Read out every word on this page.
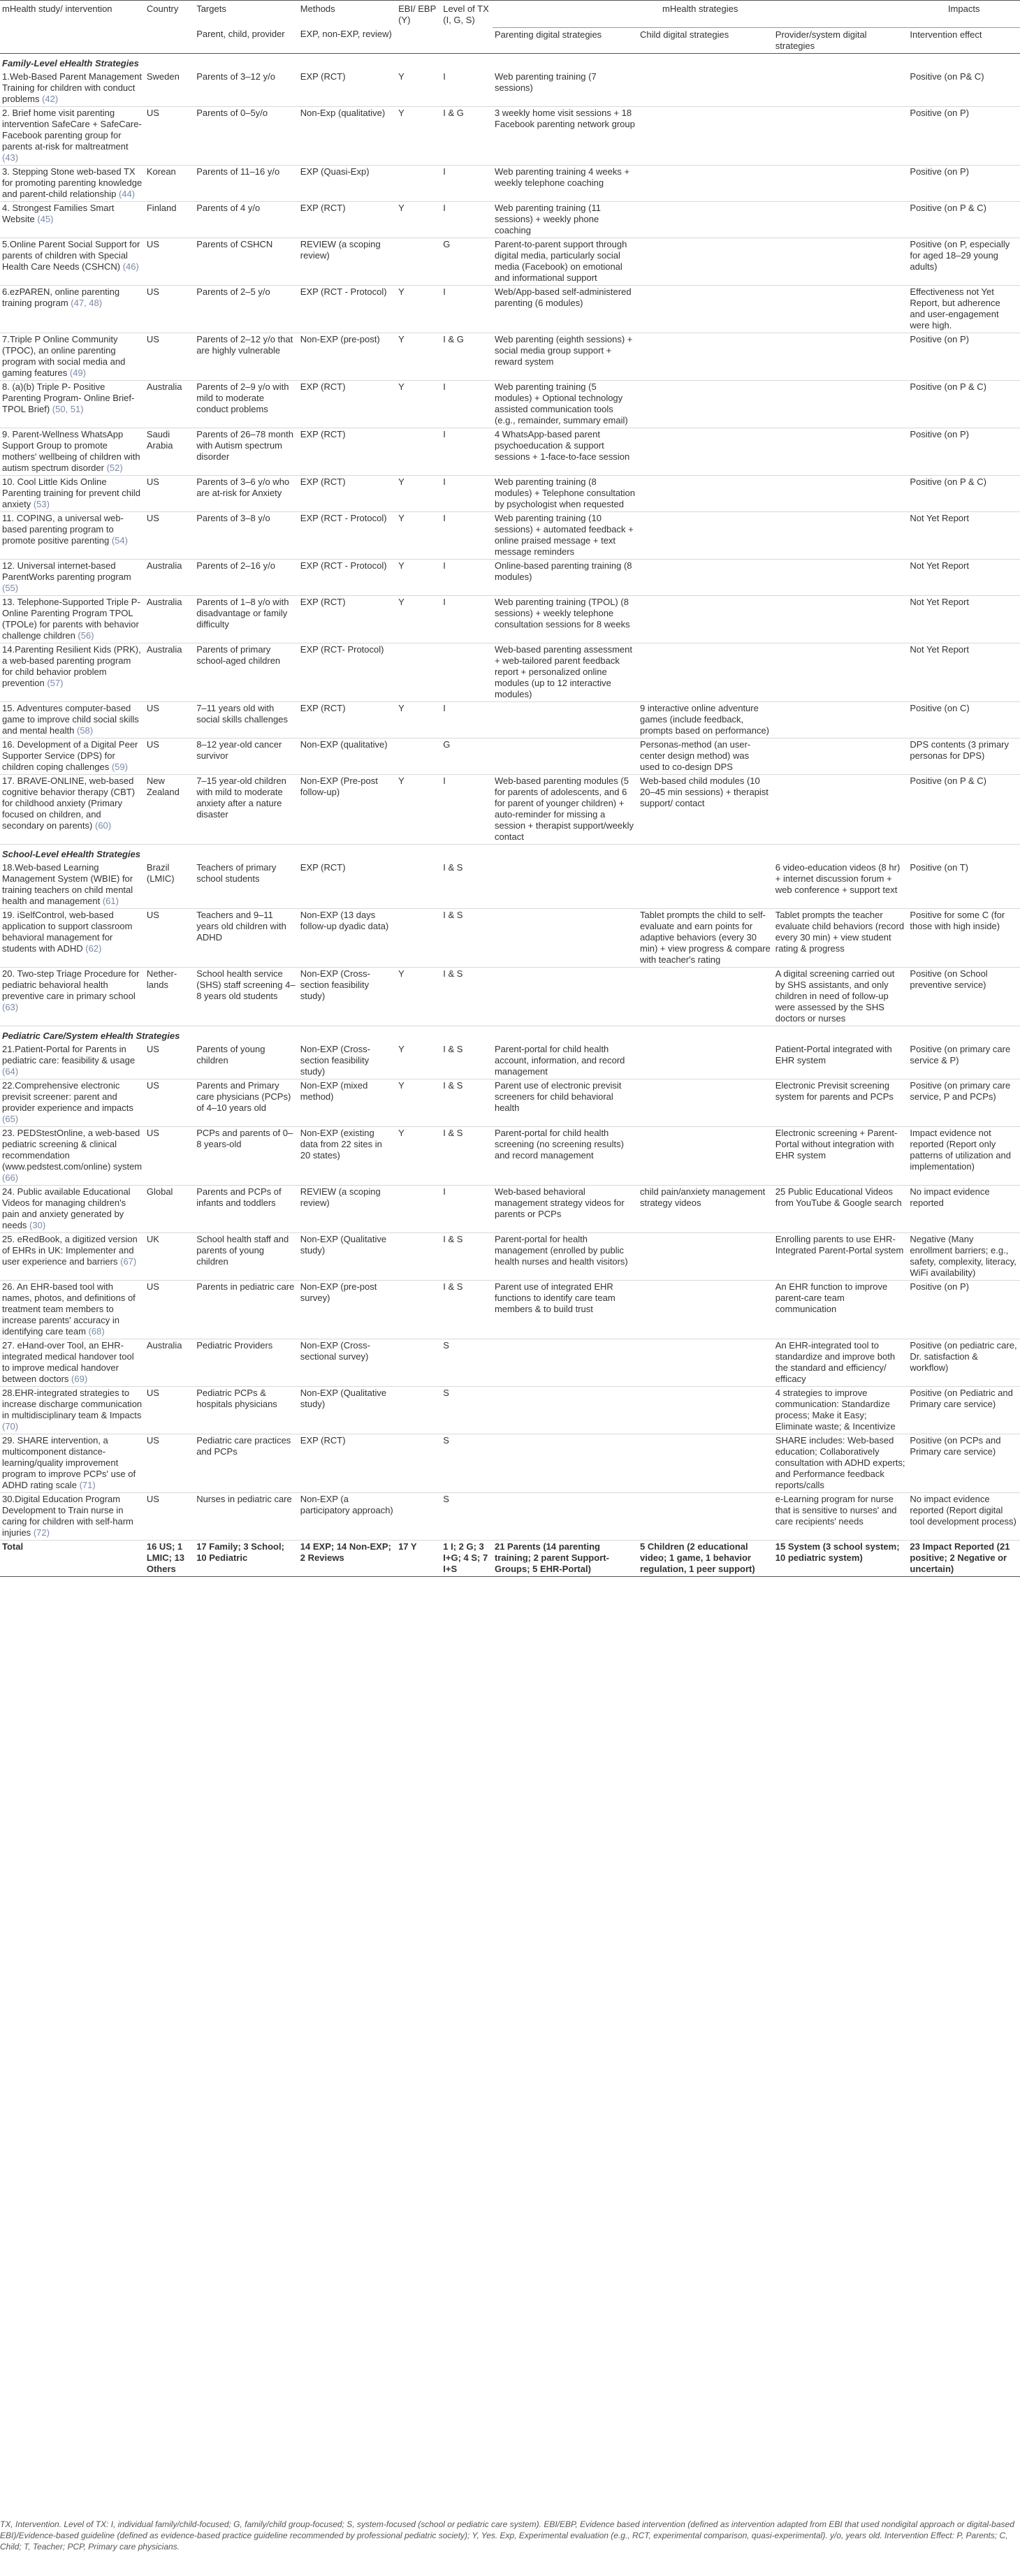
mHealth study/ intervention	Country	Targets	Methods	EBI/ EBP (Y)	Level of TX (I, G, S)	mHealth strategies			Impacts
		Parent, child, provider	EXP, non-EXP, review)			Parenting digital strategies	Child digital strategies	Provider/system digital strategies	Intervention effect
Family-Level eHealth Strategies									
1.Web-Based Parent Management Training for children with conduct problems (42)	Sweden	Parents of 3–12 y/o	EXP (RCT)	Y	I	Web parenting training (7 sessions)			Positive (on P& C)
2. Brief home visit parenting intervention SafeCare + SafeCare-Facebook parenting group for parents at-risk for maltreatment (43)	US	Parents of 0–5y/o	Non-Exp (qualitative)	Y	I & G	3 weekly home visit sessions + 18 Facebook parenting network group			Positive (on P)
3. Stepping Stone web-based TX for promoting parenting knowledge and parent-child relationship (44)	Korean	Parents of 11–16 y/o	EXP (Quasi-Exp)		I	Web parenting training 4 weeks + weekly telephone coaching			Positive (on P)
4. Strongest Families Smart Website (45)	Finland	Parents of 4 y/o	EXP (RCT)	Y	I	Web parenting training (11 sessions) + weekly phone coaching			Positive (on P & C)
5.Online Parent Social Support for parents of children with Special Health Care Needs (CSHCN) (46)	US	Parents of CSHCN	REVIEW (a scoping review)		G	Parent-to-parent support through digital media, particularly social media (Facebook) on emotional and informational support			Positive (on P, especially for aged 18–29 young adults)
6.ezPAREN, online parenting training program (47, 48)	US	Parents of 2–5 y/o	EXP (RCT - Protocol)	Y	I	Web/App-based self-administered parenting (6 modules)			Effectiveness not Yet Report, but adherence and user-engagement were high.
7.Triple P Online Community (TPOC), an online parenting program with social media and gaming features (49)	US	Parents of 2–12 y/o that are highly vulnerable	Non-EXP (pre-post)	Y	I & G	Web parenting (eighth sessions) + social media group support + reward system			Positive (on P)
8. (a)(b) Triple P- Positive Parenting Program- Online Brief- TPOL Brief) (50, 51)	Australia	Parents of 2–9 y/o with mild to moderate conduct problems	EXP (RCT)	Y	I	Web parenting training (5 modules) + Optional technology assisted communication tools (e.g., remainder, summary email)			Positive (on P & C)
9. Parent-Wellness WhatsApp Support Group to promote mothers' wellbeing of children with autism spectrum disorder (52)	Saudi Arabia	Parents of 26–78 month with Autism spectrum disorder	EXP (RCT)		I	4 WhatsApp-based parent psychoeducation & support sessions + 1-face-to-face session			Positive (on P)
10. Cool Little Kids Online Parenting training for prevent child anxiety (53)	US	Parents of 3–6 y/o who are at-risk for Anxiety	EXP (RCT)	Y	I	Web parenting training (8 modules) + Telephone consultation by psychologist when requested			Positive (on P & C)
11. COPING, a universal web-based parenting program to promote positive parenting (54)	US	Parents of 3–8 y/o	EXP (RCT - Protocol)	Y	I	Web parenting training (10 sessions) + automated feedback + online praised message + text message reminders			Not Yet Report
12. Universal internet-based ParentWorks parenting program (55)	Australia	Parents of 2–16 y/o	EXP (RCT - Protocol)	Y	I	Online-based parenting training (8 modules)			Not Yet Report
13. Telephone-Supported Triple P-Online Parenting Program TPOL (TPOLe) for parents with behavior challenge children (56)	Australia	Parents of 1–8 y/o with disadvantage or family difficulty	EXP (RCT)	Y	I	Web parenting training (TPOL) (8 sessions) + weekly telephone consultation sessions for 8 weeks			Not Yet Report
14.Parenting Resilient Kids (PRK), a web-based parenting program for child behavior problem prevention (57)	Australia	Parents of primary school-aged children	EXP (RCT- Protocol)			Web-based parenting assessment + web-tailored parent feedback report + personalized online modules (up to 12 interactive modules)			Not Yet Report
15. Adventures computer-based game to improve child social skills and mental health (58)	US	7–11 years old with social skills challenges	EXP (RCT)	Y	I		9 interactive online adventure games (include feedback, prompts based on performance)		Positive (on C)
16. Development of a Digital Peer Supporter Service (DPS) for children coping challenges (59)	US	8–12 year-old cancer survivor	Non-EXP (qualitative)		G		Personas-method (an user-center design method) was used to co-design DPS		DPS contents (3 primary personas for DPS)
17. BRAVE-ONLINE, web-based cognitive behavior therapy (CBT) for childhood anxiety (Primary focused on children, and secondary on parents) (60)	New Zealand	7–15 year-old children with mild to moderate anxiety after a nature disaster	Non-EXP (Pre-post follow-up)	Y	I	Web-based parenting modules (5 for parents of adolescents, and 6 for parent of younger children) + auto-reminder for missing a session + therapist support/weekly contact	Web-based child modules (10 20–45 min sessions) + therapist support/ contact		Positive (on P & C)
School-Level eHealth Strategies									
18.Web-based Learning Management System (WBIE) for training teachers on child mental health and management (61)	Brazil (LMIC)	Teachers of primary school students	EXP (RCT)		I & S			6 video-education videos (8 hr) + internet discussion forum + web conference + support text	Positive (on T)
19. iSelfControl, web-based application to support classroom behavioral management for students with ADHD (62)	US	Teachers and 9–11 years old children with ADHD	Non-EXP (13 days follow-up dyadic data)		I & S		Tablet prompts the child to self-evaluate and earn points for adaptive behaviors (every 30 min) + view progress & compare with teacher's rating	Tablet prompts the teacher evaluate child behaviors (record every 30 min) + view student rating & progress	Positive for some C (for those with high inside)
20. Two-step Triage Procedure for pediatric behavioral health preventive care in primary school (63)	Nether-lands	School health service (SHS) staff screening 4–8 years old students	Non-EXP (Cross-section feasibility study)	Y	I & S			A digital screening carried out by SHS assistants, and only children in need of follow-up were assessed by the SHS doctors or nurses	Positive (on School preventive service)
Pediatric Care/System eHealth Strategies									
21.Patient-Portal for Parents in pediatric care: feasibility & usage (64)	US	Parents of young children	Non-EXP (Cross-section feasibility study)	Y	I & S	Parent-portal for child health account, information, and record management		Patient-Portal integrated with EHR system	Positive (on primary care service & P)
22.Comprehensive electronic previsit screener: parent and provider experience and impacts (65)	US	Parents and Primary care physicians (PCPs) of 4–10 years old	Non-EXP (mixed method)	Y	I & S	Parent use of electronic previsit screeners for child behavioral health		Electronic Previsit screening system for parents and PCPs	Positive (on primary care service, P and PCPs)
23. PEDStestOnline, a web-based pediatric screening & clinical recommendation (www.pedstest.com/online) system (66)	US	PCPs and parents of 0–8 years-old	Non-EXP (existing data from 22 sites in 20 states)	Y	I & S	Parent-portal for child health screening (no screening results) and record management		Electronic screening + Parent-Portal without integration with EHR system	Impact evidence not reported (Report only patterns of utilization and implementation)
24. Public available Educational Videos for managing children's pain and anxiety generated by needs (30)	Global	Parents and PCPs of infants and toddlers	REVIEW (a scoping review)		I	Web-based behavioral management strategy videos for parents or PCPs	child pain/anxiety management strategy videos	25 Public Educational Videos from YouTube & Google search	No impact evidence reported
25. eRedBook, a digitized version of EHRs in UK: Implementer and user experience and barriers (67)	UK	School health staff and parents of young children	Non-EXP (Qualitative study)		I & S	Parent-portal for health management (enrolled by public health nurses and health visitors)		Enrolling parents to use EHR-Integrated Parent-Portal system	Negative (Many enrollment barriers; e.g., safety, complexity, literacy, WiFi availability)
26. An EHR-based tool with names, photos, and definitions of treatment team members to increase parents' accuracy in identifying care team (68)	US	Parents in pediatric care	Non-EXP (pre-post survey)		I & S	Parent use of integrated EHR functions to identify care team members & to build trust		An EHR function to improve parent-care team communication	Positive (on P)
27. eHand-over Tool, an EHR-integrated medical handover tool to improve medical handover between doctors (69)	Australia	Pediatric Providers	Non-EXP (Cross-sectional survey)		S			An EHR-integrated tool to standardize and improve both the standard and efficiency/ efficacy	Positive (on pediatric care, Dr. satisfaction & workflow)
28.EHR-integrated strategies to increase discharge communication in multidisciplinary team & Impacts (70)	US	Pediatric PCPs & hospitals physicians	Non-EXP (Qualitative study)		S			4 strategies to improve communication: Standardize process; Make it Easy; Eliminate waste; & Incentivize	Positive (on Pediatric and Primary care service)
29. SHARE intervention, a multicomponent distance-learning/quality improvement program to improve PCPs' use of ADHD rating scale (71)	US	Pediatric care practices and PCPs	EXP (RCT)		S			SHARE includes: Web-based education; Collaboratively consultation with ADHD experts; and Performance feedback reports/calls	Positive (on PCPs and Primary care service)
30.Digital Education Program Development to Train nurse in caring for children with self-harm injuries (72)	US	Nurses in pediatric care	Non-EXP (a participatory approach)		S			e-Learning program for nurse that is sensitive to nurses' and care recipients' needs	No impact evidence reported (Report digital tool development process)
Total	16 US; 1 LMIC; 13 Others	17 Family; 3 School; 10 Pediatric	14 EXP; 14 Non-EXP; 2 Reviews	17 Y	1 I; 2 G; 3 I+G; 4 S; 7 I+S	21 Parents (14 parenting training; 2 parent Support-Groups; 5 EHR-Portal)	5 Children (2 educational video; 1 game, 1 behavior regulation, 1 peer support)	15 System (3 school system; 10 pediatric system)	23 Impact Reported (21 positive; 2 Negative or uncertain)
TX, Intervention. Level of TX: I, individual family/child-focused; G, family/child group-focused; S, system-focused (school or pediatric care system). EBI/EBP, Evidence based intervention (defined as intervention adapted from EBI that used nondigital approach or digital-based EBI)/Evidence-based guideline (defined as evidence-based practice guideline recommended by professional pediatric society); Y, Yes. Exp, Experimental evaluation (e.g., RCT, experimental comparison, quasi-experimental). y/o, years old. Intervention Effect: P, Parents; C, Child; T, Teacher; PCP, Primary care physicians.
